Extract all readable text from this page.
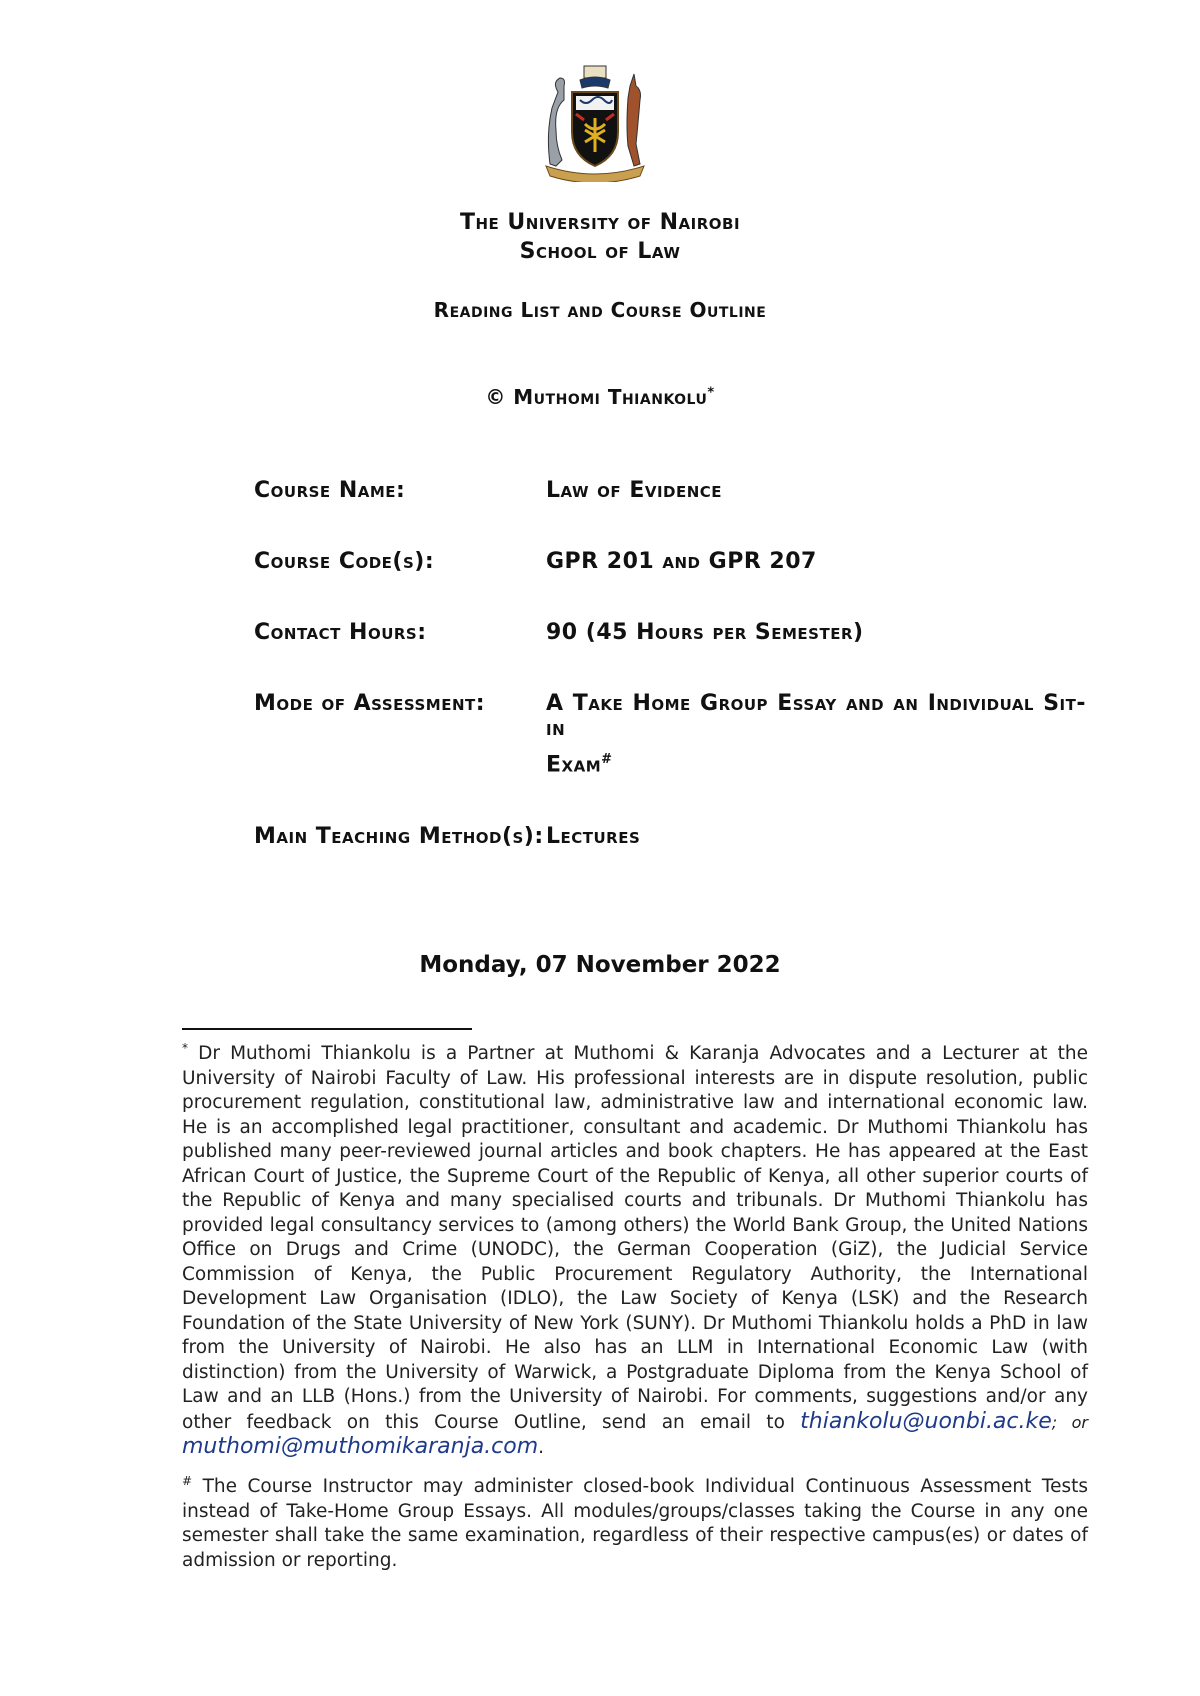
The University of Nairobi
School of Law
Reading List and Course Outline
© Muthomi Thiankolu*
Course Name:	Law of Evidence
Course Code(s):	GPR 201 and GPR 207
Contact Hours:	90 (45 Hours per Semester)
Mode of Assessment:	A Take Home Group Essay and an Individual Sit-in
Exam#
Main Teaching Method(s): Lectures
Monday, 07 November 2022
* Dr Muthomi Thiankolu is a Partner at Muthomi & Karanja Advocates and a Lecturer at the University of Nairobi Faculty of Law. His professional interests are in dispute resolution, public procurement regulation, constitutional law, administrative law and international economic law. He is an accomplished legal practitioner, consultant and academic. Dr Muthomi Thiankolu has published many peer-reviewed journal articles and book chapters. He has appeared at the East African Court of Justice, the Supreme Court of the Republic of Kenya, all other superior courts of the Republic of Kenya and many specialised courts and tribunals. Dr Muthomi Thiankolu has provided legal consultancy services to (among others) the World Bank Group, the United Nations Office on Drugs and Crime (UNODC), the German Cooperation (GiZ), the Judicial Service Commission of Kenya, the Public Procurement Regulatory Authority, the International Development Law Organisation (IDLO), the Law Society of Kenya (LSK) and the Research Foundation of the State University of New York (SUNY). Dr Muthomi Thiankolu holds a PhD in law from the University of Nairobi. He also has an LLM in International Economic Law (with distinction) from the University of Warwick, a Postgraduate Diploma from the Kenya School of Law and an LLB (Hons.) from the University of Nairobi. For comments, suggestions and/or any other feedback on this Course Outline, send an email to thiankolu@uonbi.ac.ke; or muthomi@muthomikaranja.com.
# The Course Instructor may administer closed-book Individual Continuous Assessment Tests instead of Take-Home Group Essays. All modules/groups/classes taking the Course in any one semester shall take the same examination, regardless of their respective campus(es) or dates of admission or reporting.
